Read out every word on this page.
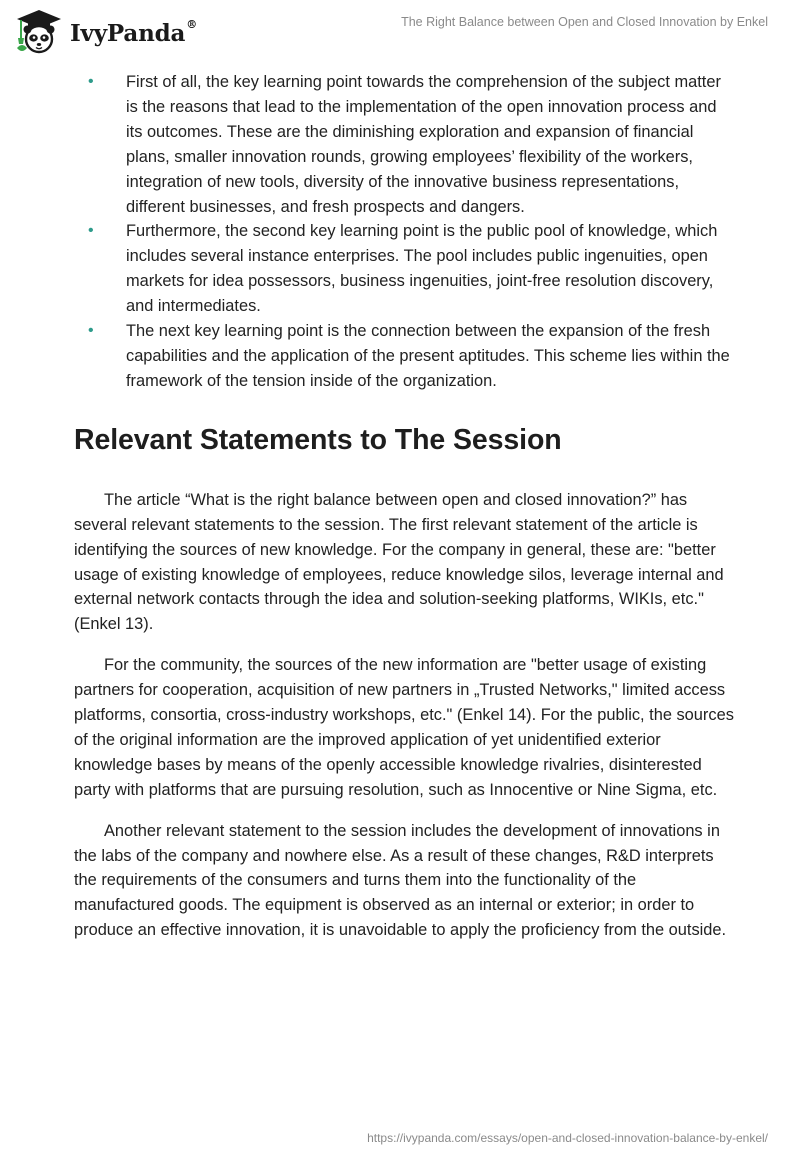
IvyPanda®	The Right Balance between Open and Closed Innovation by Enkel
• First of all, the key learning point towards the comprehension of the subject matter is the reasons that lead to the implementation of the open innovation process and its outcomes. These are the diminishing exploration and expansion of financial plans, smaller innovation rounds, growing employees’ flexibility of the workers, integration of new tools, diversity of the innovative business representations, different businesses, and fresh prospects and dangers.
• Furthermore, the second key learning point is the public pool of knowledge, which includes several instance enterprises. The pool includes public ingenuities, open markets for idea possessors, business ingenuities, joint-free resolution discovery, and intermediates.
• The next key learning point is the connection between the expansion of the fresh capabilities and the application of the present aptitudes. This scheme lies within the framework of the tension inside of the organization.
Relevant Statements to The Session

The article “What is the right balance between open and closed innovation?” has several relevant statements to the session. The first relevant statement of the article is identifying the sources of new knowledge. For the company in general, these are: "better usage of existing knowledge of employees, reduce knowledge silos, leverage internal and external network contacts through the idea and solution-seeking platforms, WIKIs, etc." (Enkel 13).

For the community, the sources of the new information are "better usage of existing partners for cooperation, acquisition of new partners in „Trusted Networks," limited access platforms, consortia, cross-industry workshops, etc." (Enkel 14). For the public, the sources of the original information are the improved application of yet unidentified exterior knowledge bases by means of the openly accessible knowledge rivalries, disinterested party with platforms that are pursuing resolution, such as Innocentive or Nine Sigma, etc.

Another relevant statement to the session includes the development of innovations in the labs of the company and nowhere else. As a result of these changes, R&D interprets the requirements of the consumers and turns them into the functionality of the manufactured goods. The equipment is observed as an internal or exterior; in order to produce an effective innovation, it is unavoidable to apply the proficiency from the outside.

https://ivypanda.com/essays/open-and-closed-innovation-balance-by-enkel/
